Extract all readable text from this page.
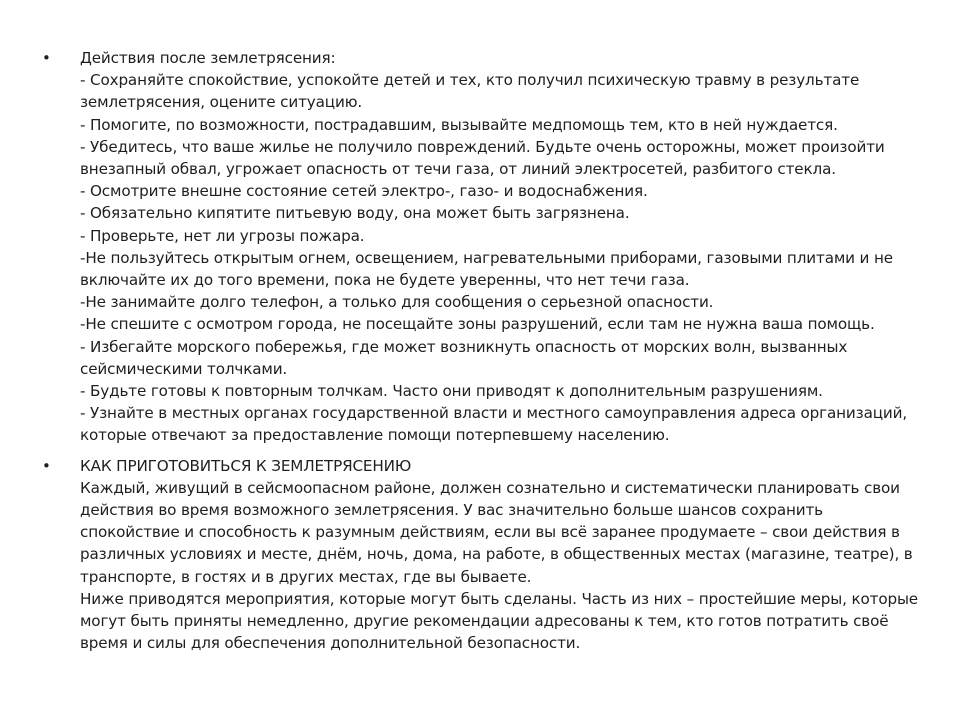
•	Действия после землетрясения:
- Сохраняйте спокойствие, успокойте детей и тех, кто получил психическую травму в результате землетрясения, оцените ситуацию.
- Помогите, по возможности, пострадавшим, вызывайте медпомощь тем, кто в ней нуждается.
- Убедитесь, что ваше жилье не получило повреждений. Будьте очень осторожны, может произойти внезапный обвал, угрожает опасность от течи газа, от линий электросетей, разбитого стекла.
- Осмотрите внешне состояние сетей электро-, газо- и водоснабжения.
- Обязательно кипятите питьевую воду, она может быть загрязнена.
- Проверьте, нет ли угрозы пожара.
-Не пользуйтесь открытым огнем, освещением, нагревательными приборами, газовыми плитами и не включайте их до того времени, пока не будете уверенны, что нет течи газа.
-Не занимайте долго телефон, а только для сообщения о серьезной опасности.
-Не спешите с осмотром города, не посещайте зоны разрушений, если там не нужна ваша помощь.
- Избегайте морского побережья, где может возникнуть опасность от морских волн, вызванных сейсмическими толчками.
- Будьте готовы к повторным толчкам. Часто они приводят к дополнительным разрушениям.
- Узнайте в местных органах государственной власти и местного самоуправления адреса организаций, которые отвечают за предоставление помощи потерпевшему населению.
•	КАК ПРИГОТОВИТЬСЯ К ЗЕМЛЕТРЯСЕНИЮ
Каждый, живущий в сейсмоопасном районе, должен сознательно и систематически планировать свои действия во время возможного землетрясения. У вас значительно больше шансов сохранить спокойствие и способность к разумным действиям, если вы всё заранее продумаете – свои действия в различных условиях и месте, днём, ночь, дома, на работе, в общественных местах (магазине, театре), в транспорте, в гостях и в других местах, где вы бываете.
Ниже приводятся мероприятия, которые могут быть сделаны. Часть из них – простейшие меры, которые могут быть приняты немедленно, другие рекомендации адресованы к тем, кто готов потратить своё время и силы для обеспечения дополнительной безопасности.
